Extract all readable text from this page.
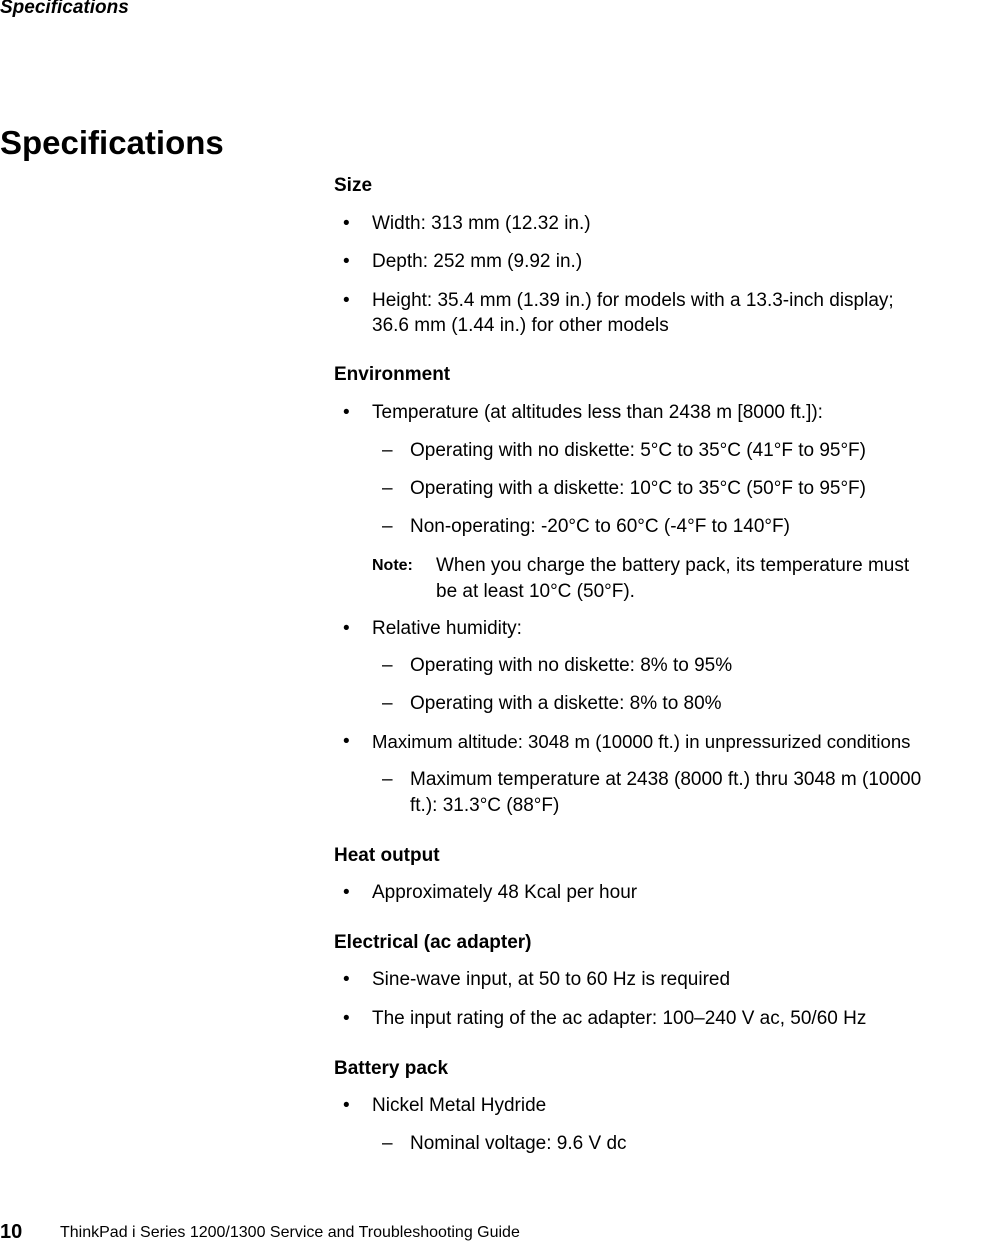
Specifications
Specifications
Size
• Width: 313 mm (12.32 in.)
• Depth: 252 mm (9.92 in.)
• Height: 35.4 mm (1.39 in.) for models with a 13.3-inch display;
36.6 mm (1.44 in.) for other models
Environment
• Temperature (at altitudes less than 2438 m [8000 ft.]):
– Operating with no diskette: 5°C to 35°C (41°F to 95°F)
– Operating with a diskette: 10°C to 35°C (50°F to 95°F)
– Non-operating: -20°C to 60°C (-4°F to 140°F)
Note: When you charge the battery pack, its temperature must
be at least 10°C (50°F).
• Relative humidity:
– Operating with no diskette: 8% to 95%
– Operating with a diskette: 8% to 80%
• Maximum altitude: 3048 m (10000 ft.) in unpressurized conditions
– Maximum temperature at 2438 (8000 ft.) thru 3048 m (10000
ft.): 31.3°C (88°F)
Heat output
• Approximately 48 Kcal per hour
Electrical (ac adapter)
• Sine-wave input, at 50 to 60 Hz is required
• The input rating of the ac adapter: 100–240 V ac, 50/60 Hz
Battery pack
• Nickel Metal Hydride
– Nominal voltage: 9.6 V dc
10 ThinkPad i Series 1200/1300 Service and Troubleshooting Guide
